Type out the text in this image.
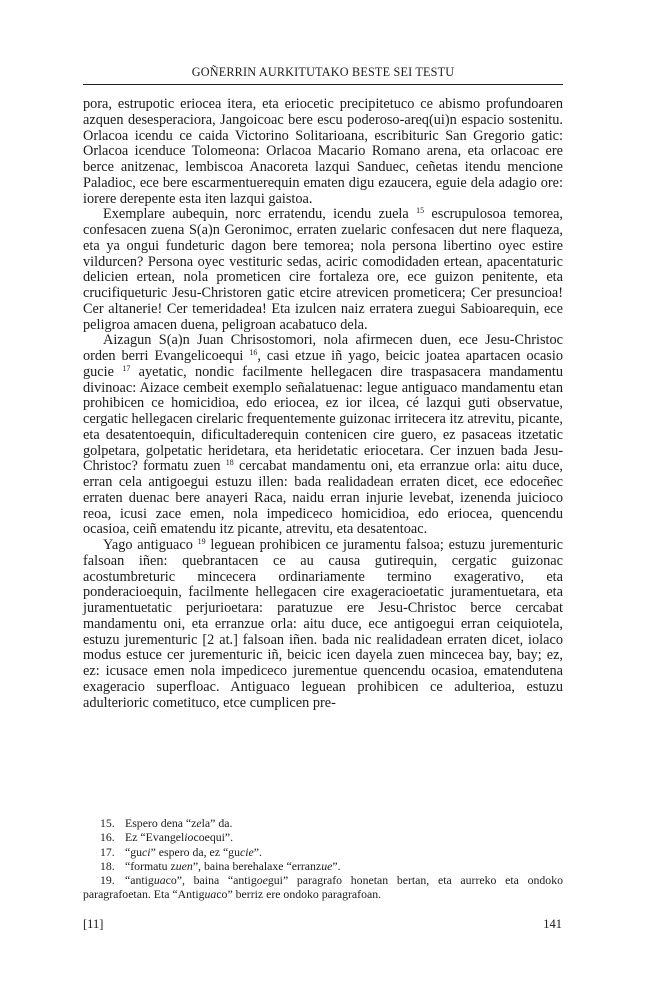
GOÑERRIN AURKITUTAKO BESTE SEI TESTU

pora, estrupotic eriocea itera, eta eriocetic precipitetuco ce abismo profundoaren azquen desesperaciora, Jangoicoac bere escu poderoso-areq(ui)n espacio sostenitu. Orlacoa icendu ce caida Victorino Solitarioana, escribituric San Gregorio gatic: Orlacoa icenduce Tolomeona: Orlacoa Macario Romano arena, eta orlacoac ere berce anitzenac, lembiscoa Anacoreta lazqui Sanduec, ceñetas itendu mencione Paladioc, ece bere escarmentuerequin ematen digu ezaucera, eguie dela adagio ore: iorere derepente esta iten lazqui gaistoa.

Exemplare aubequin, norc erratendu, icendu zuela $^{15}$ escrupulosoa temorea, confesacen zuena S(a)n Geronimoc, erraten zuelaric confesacen dut nere flaqueza, eta ya ongui fundeturic dagon bere temorea; nola persona libertino oyec estire vildurcen? Persona oyec vestituric sedas, aciric comodidaden ertean, apacentaturic delicien ertean, nola prometicen cire fortaleza ore, ece guizon penitente, eta crucifiqueturic Jesu-Christoren gatic etcire atrevicen prometicera; Cer presuncioa! Cer altanerie! Cer temeridadea! Eta izulcen naiz erratera zuegui Sabioarequin, ece peligroa amacen duena, peligroan acabatuco dela.

Aizagun S(a)n Juan Chrisostomori, nola afirmecen duen, ece Jesu-Christoc orden berri Evangelicoequi $^{16}$, casi etzue iñ yago, beicic joatea apartacen ocasio gucie $^{17}$ ayetatic, nondic facilmente hellegacen dire traspasacera mandamentu divinoac: Aizace cembeit exemplo señalatuenac: legue antiguaco mandamentu etan prohibicen ce homicidioa, edo eriocea, ez ior ilcea, cé lazqui guti observatue, cergatic hellegacen cirelaric frequentemente guizonac irritecera itz atrevitu, picante, eta desatentoequin, dificultaderequin contenicen cire guero, ez pasaceas itzetatic golpetara, golpetatic heridetara, eta heridetatic eriocetara. Cer inzuen bada Jesu-Christoc? formatu zuen $^{18}$ cercabat mandamentu oni, eta erranzue orla: aitu duce, erran cela antigoegui estuzu illen: bada realidadean erraten dicet, ece edoceñec erraten duenac bere anayeri Raca, naidu erran injurie levebat, izenenda juicioco reoa, icusi zace emen, nola impediceco homicidioa, edo eriocea, quencendu ocasioa, ceiñ ematendu itz picante, atrevitu, eta desatentoac.

Yago antiguaco $^{19}$ leguean prohibicen ce juramentu falsoa; estuzu jurementuric falsoan iñen: quebrantacen ce au causa gutirequin, cergatic guizonac acostumbreturic mincecera ordinariamente termino exagerativo, eta ponderacioequin, facilmente hellegacen cire exageracioetatic juramentuetara, eta juramentuetatic perjurioetara: paratuzue ere Jesu-Christoc berce cercabat mandamentu oni, eta erranzue orla: aitu duce, ece antigoegui erran ceiquiotela, estuzu jurementuric [2 at.] falsoan iñen. bada nic realidadean erraten dicet, iolaco modus estuce cer jurementuric iñ, beicic icen dayela zuen mincecea bay, bay; ez, ez: icusace emen nola impediceco jurementue quencendu ocasioa, ematendutena exageracio superfloac. Antiguaco leguean prohibicen ce adulterioa, estuzu adulterioric cometituco, etce cumplicen pre-

15. Espero dena “zela” da.
16. Ez “Evangeliocoequi”.
17. “guci” espero da, ez “gucie”.
18. “formatu zuen”, baina berehalaxe “erranzue”.
19. “antiguaco”, baina “antigoegui” paragrafo honetan bertan, eta aurreko eta ondoko paragrafoetan. Eta “Antiguaco” berriz ere ondoko paragrafoan.
[11]	141
